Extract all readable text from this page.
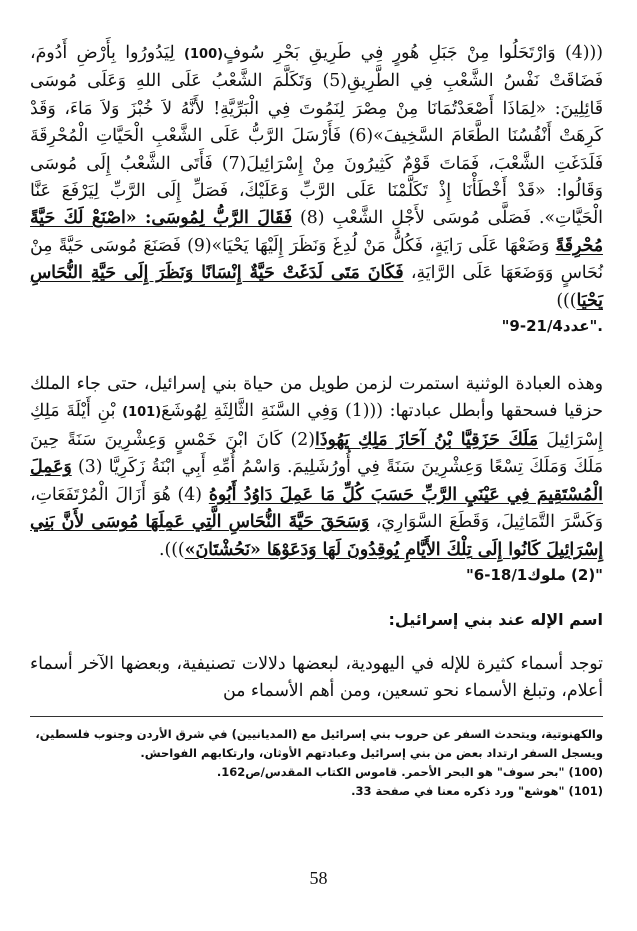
(((4) وَارْتَحَلُوا مِنْ جَبَلِ هُورٍ فِي طَرِيقِ بَحْرِ سُوفٍ(100) لِيَدُورُوا بِأَرْضِ أَدُومَ، فَضَاقَتْ نَفْسُ الشَّعْبِ فِي الطَّرِيقِ(5) وَتَكَلَّمَ الشَّعْبُ عَلَى اللهِ وَعَلَى مُوسَى قَائِلِينَ: «لِمَاذَا أَصْعَدْتُمَانَا مِنْ مِصْرَ لِنَمُوتَ فِي الْبَرِّيَّةِ! لأَنَّهُ لاَ خُبْزَ وَلاَ مَاءَ، وَقَدْ كَرِهَتْ أَنْفُسُنَا الطَّعَامَ السَّخِيفَ»(6) فَأَرْسَلَ الرَّبُّ عَلَى الشَّعْبِ الْحَيَّاتِ الْمُحْرِقَةَ فَلَدَغَتِ الشَّعْبَ، فَمَاتَ قَوْمٌ كَثِيرُونَ مِنْ إِسْرَائِيلَ(7) فَأَتَى الشَّعْبُ إِلَى مُوسَى وَقَالُوا: «قَدْ أَخْطَأْنَا إِذْ تَكَلَّمْنَا عَلَى الرَّبِّ وَعَلَيْكَ، فَصَلِّ إِلَى الرَّبِّ لِيَرْفَعَ عَنَّا الْحَيَّاتِ». فَصَلَّى مُوسَى لأَجْلِ الشَّعْبِ (8) فَقَالَ الرَّبُّ لِمُوسَى: «اصْنَعْ لَكَ حَيَّةً مُحْرِقَةً وَضَعْهَا عَلَى رَايَةٍ، فَكُلُّ مَنْ لُدِغَ وَنَظَرَ إِلَيْهَا يَحْيَا»(9) فَصَنَعَ مُوسَى حَيَّةً مِنْ نُحَاسٍ وَوَضَعَهَا عَلَى الرَّايَةِ، فَكَانَ مَتَى لَدَغَتْ حَيَّةٌ إِنْسَانًا وَنَظَرَ إِلَى حَيَّةِ النُّحَاسِ يَحْيَا)))
."عدد21/4-9"
وهذه العبادة الوثنية استمرت لزمن طويل من حياة بني إسرائيل، حتى جاء الملك حزقيا فسحقها وأبطل عبادتها: (((1) وَفِي السَّنَةِ الثَّالِثَةِ لِهُوشَعَ(101) بْنِ أَيْلَةَ مَلِكِ إِسْرَائِيلَ مَلَكَ حَزَقِيَّا بْنُ آحَازَ مَلِكِ يَهُوذَا(2) كَانَ ابْنَ خَمْسٍ وَعِشْرِينَ سَنَةً حِينَ مَلَكَ وَمَلَكَ تِسْعًا وَعِشْرِينَ سَنَةً فِي أُورُشَلِيمَ. وَاسْمُ أُمِّهِ أَبِي ابْنَةُ زَكَرِيَّا (3) وَعَمِلَ الْمُسْتَقِيمَ فِي عَيْنَيِ الرَّبِّ حَسَبَ كُلِّ مَا عَمِلَ دَاوُدُ أَبُوهُ (4) هُوَ أَزَالَ الْمُرْتَفَعَاتِ، وَكَسَّرَ التَّمَاثِيلَ، وَقَطَعَ السَّوَارِيَ، وَسَحَقَ حَيَّةَ النُّحَاسِ الَّتِي عَمِلَهَا مُوسَى لأَنَّ بَنِي إِسْرَائِيلَ كَانُوا إِلَى تِلْكَ الأَيَّامِ يُوقِدُونَ لَهَا وَدَعَوْهَا «نَحُشْتَانَ»))).
"(2) ملوك18/1-6"
اسم الإله عند بني إسرائيل:
توجد أسماء كثيرة للإله في اليهودية، لبعضها دلالات تصنيفية، وبعضها الآخر أسماء أعلام، وتبلغ الأسماء نحو تسعين، ومن أهم الأسماء من
والكهنوتية، ويتحدث السفر عن حروب بني إسرائيل مع (المديانيين) في شرق الأردن وجنوب فلسطين، ويسجل السفر ارتداد بعض من بني إسرائيل وعبادتهم الأوثان، وارتكابهم الفواحش.
(100) "بحر سوف" هو البحر الأحمر. قاموس الكتاب المقدس/ص162.
(101) "هوشع" ورد ذكره معنا في صفحة 33.
58
